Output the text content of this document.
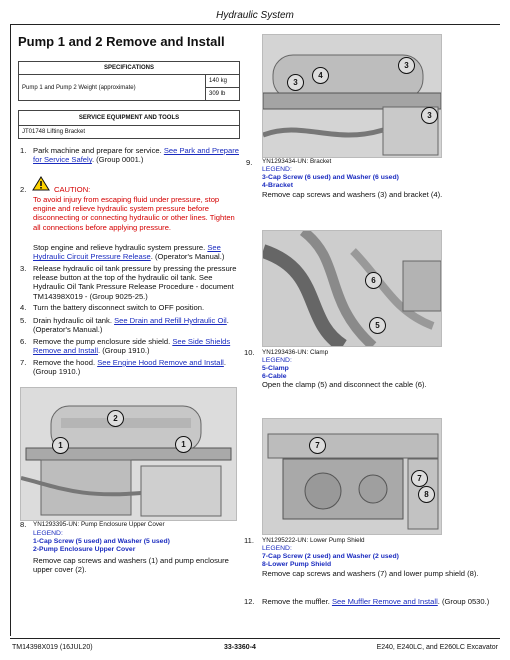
Hydraulic System
Pump 1 and 2 Remove and Install
SPECIFICATIONS
Pump 1 and Pump 2 Weight (approximate)	140 kg
309 lb
SERVICE EQUIPMENT AND TOOLS
JT01748 Lifting Bracket
1. Park machine and prepare for service. See Park and Prepare for Service Safely. (Group 0001.)
2.	CAUTION:
To avoid injury from escaping fluid under pressure, stop engine and relieve hydraulic system pressure before disconnecting or connecting hydraulic or other lines. Tighten all connections before applying pressure.
Stop engine and relieve hydraulic system pressure. See Hydraulic Circuit Pressure Release. (Operator's Manual.)
3. Release hydraulic oil tank pressure by pressing the pressure release button at the top of the hydraulic oil tank. See Hydraulic Oil Tank Pressure Release Procedure - document TM14398X019 - (Group 9025-25.)
4. Turn the battery disconnect switch to OFF position.
5. Drain hydraulic oil tank. See Drain and Refill Hydraulic Oil. (Operator's Manual.)
6. Remove the pump enclosure side shield. See Side Shields Remove and Install. (Group 1910.)
7. Remove the hood. See Engine Hood Remove and Install. (Group 1910.)
2
1	1
8. YN1293395-UN: Pump Enclosure Upper Cover
LEGEND:
1-Cap Screw (5 used) and Washer (5 used)
2-Pump Enclosure Upper Cover
Remove cap screws and washers (1) and pump enclosure upper cover (2).
4
3
3
3
9. YN1293434-UN: Bracket
LEGEND:
3-Cap Screw (6 used) and Washer (6 used)
4-Bracket
Remove cap screws and washers (3) and bracket (4).
6
5
10. YN1293436-UN: Clamp
LEGEND:
5-Clamp
6-Cable
Open the clamp (5) and disconnect the cable (6).
7
8
7
11. YN1295222-UN: Lower Pump Shield
LEGEND:
7-Cap Screw (2 used) and Washer (2 used)
8-Lower Pump Shield
Remove cap screws and washers (7) and lower pump shield (8).
12. Remove the muffler. See Muffler Remove and Install. (Group 0530.)
TM14398X019 (16JUL20)	33-3360-4	E240, E240LC, and E260LC Excavator
